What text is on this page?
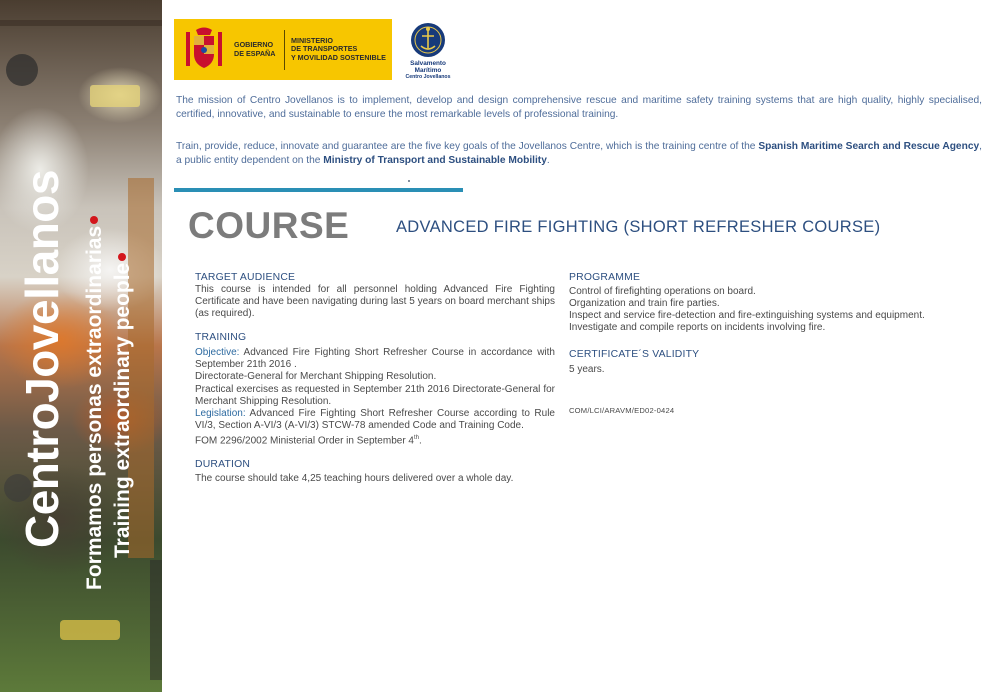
CentroJovellanos Formamos personas extraordinarias Training extraordinary people
GOBIERNO
DE ESPAÑA
MINISTERIO
DE TRANSPORTES
Y MOVILIDAD SOSTENIBLE
Salvamento Marítimo
Centro Jovellanos

The mission of Centro Jovellanos is to implement, develop and design comprehensive rescue and maritime safety training systems that are high quality, highly specialised, certified, innovative, and sustainable to ensure the most remarkable levels of professional training.

Train, provide, reduce, innovate and guarantee are the five key goals of the Jovellanos Centre, which is the training centre of the Spanish Maritime Search and Rescue Agency, a public entity dependent on the Ministry of Transport and Sustainable Mobility.

COURSE	ADVANCED FIRE FIGHTING (SHORT REFRESHER COURSE)
TARGET AUDIENCE

This course is intended for all personnel holding Advanced Fire Fighting Certificate and have been navigating during last 5 years on board merchant ships (as required).

TRAINING

Objective: Advanced Fire Fighting Short Refresher Course in accordance with September 21th 2016 .

Directorate-General for Merchant Shipping Resolution.

Practical exercises as requested in September 21th 2016 Directorate-General for Merchant Shipping Resolution.

Legislation: Advanced Fire Fighting Short Refresher Course according to Rule VI/3, Section A-VI/3 (A-VI/3) STCW-78 amended Code and Training Code.

FOM 2296/2002 Ministerial Order in September 4th.

DURATION

The course should take 4,25 teaching hours delivered over a whole day.

PROGRAMME

Control of firefighting operations on board.

Organization and train fire parties.

Inspect and service fire-detection and fire-extinguishing systems and equipment.

Investigate and compile reports on incidents involving fire.

CERTIFICATE´S VALIDITY

5 years.

COM/LCI/ARAVM/ED02-0424
